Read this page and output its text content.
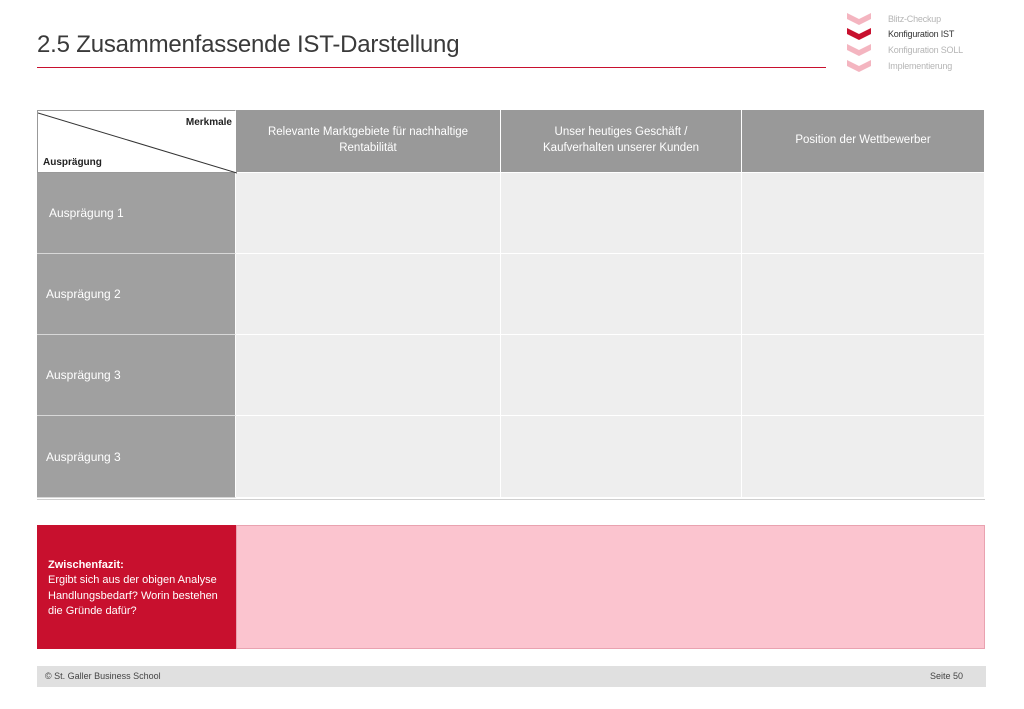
2.5 Zusammenfassende IST-Darstellung
Blitz-Checkup
Konfiguration IST
Konfiguration SOLL
Implementierung
Merkmale
Ausprägung
Relevante Marktgebiete für nachhaltige Rentabilität
Unser heutiges Geschäft / Kaufverhalten unserer Kunden
Position der Wettbewerber
Ausprägung 1
Ausprägung 2
Ausprägung 3
Ausprägung 3
Zwischenfazit:
Ergibt sich aus der obigen Analyse Handlungsbedarf? Worin bestehen die Gründe dafür?
© St. Galler Business School	Seite 50
